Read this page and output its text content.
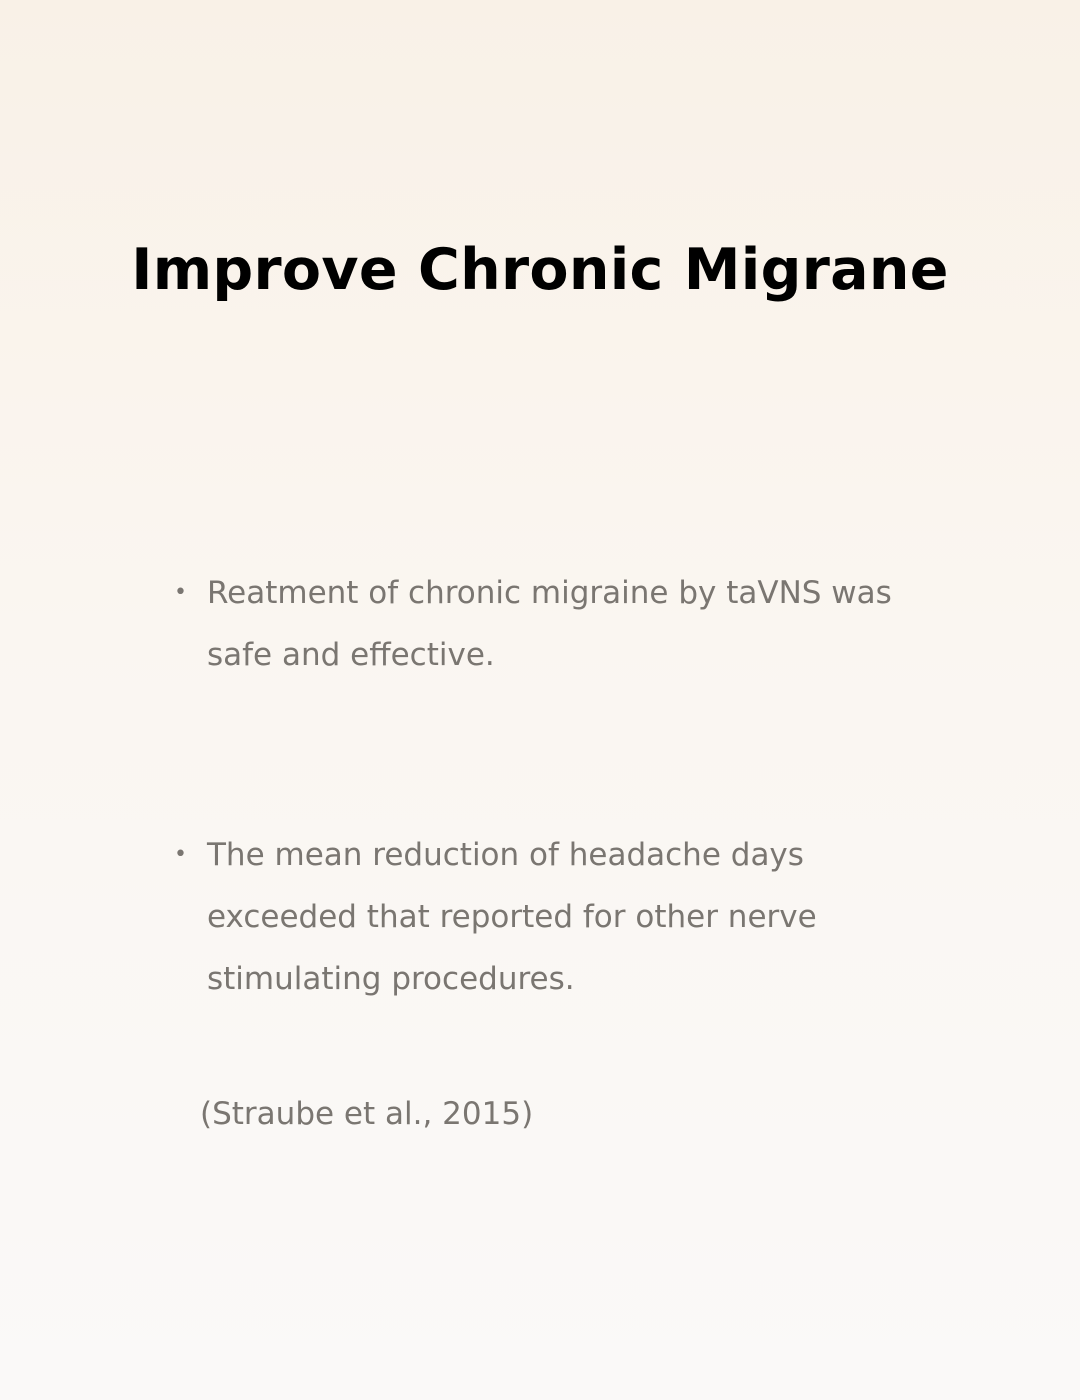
Improve Chronic Migrane
• Reatment of chronic migraine by taVNS was safe and effective.

• The mean reduction of headache days exceeded that reported for other nerve stimulating procedures.

(Straube et al., 2015)
